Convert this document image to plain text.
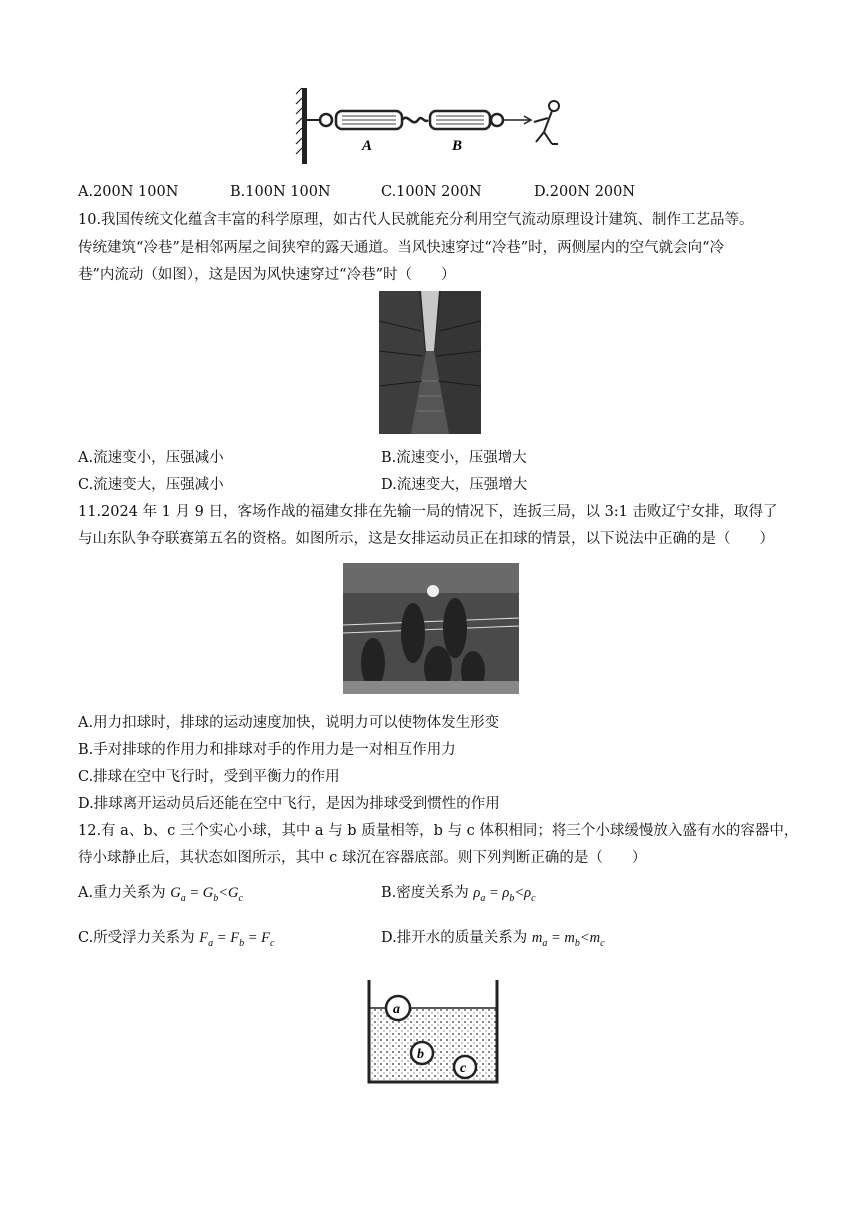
A	B
A.200N 100N	B.100N 100N	C.100N 200N	D.200N 200N
10.我国传统文化蕴含丰富的科学原理，如古代人民就能充分利用空气流动原理设计建筑、制作工艺品等。
传统建筑“冷巷”是相邻两屋之间狭窄的露天通道。当风快速穿过“冷巷”时，两侧屋内的空气就会向“冷
巷”内流动（如图），这是因为风快速穿过“冷巷”时（　　）
A.流速变小，压强减小	B.流速变小，压强增大
C.流速变大，压强减小	D.流速变大，压强增大
11.2024 年 1 月 9 日，客场作战的福建女排在先输一局的情况下，连扳三局，以 3:1 击败辽宁女排，取得了
与山东队争夺联赛第五名的资格。如图所示，这是女排运动员正在扣球的情景，以下说法中正确的是（　　）
A.用力扣球时，排球的运动速度加快，说明力可以使物体发生形变
B.手对排球的作用力和排球对手的作用力是一对相互作用力
C.排球在空中飞行时，受到平衡力的作用
D.排球离开运动员后还能在空中飞行，是因为排球受到惯性的作用
12.有 a、b、c 三个实心小球，其中 a 与 b 质量相等，b 与 c 体积相同；将三个小球缓慢放入盛有水的容器中，
待小球静止后，其状态如图所示，其中 c 球沉在容器底部。则下列判断正确的是（　　）
A.重力关系为 $G_a = G_b<G_c$	B.密度关系为 $\rho_a = \rho_b<\rho_c$
C.所受浮力关系为 $F_a = F_b = F_c$	D.排开水的质量关系为 $m_a = m_b<m_c$
a
b
c
